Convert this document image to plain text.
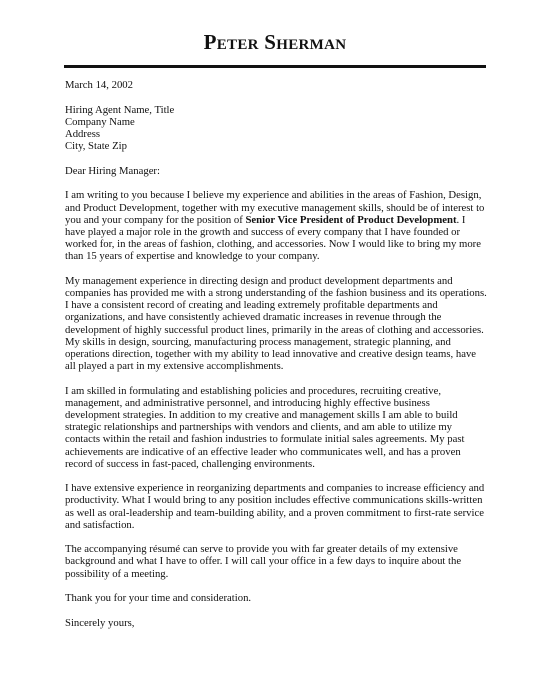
Peter Sherman

March 14, 2002

Hiring Agent Name, Title

Company Name

Address

City, State Zip

Dear Hiring Manager:

I am writing to you because I believe my experience and abilities in the areas of Fashion, Design, and Product Development, together with my executive management skills, should be of interest to you and your company for the position of Senior Vice President of Product Development. I have played a major role in the growth and success of every company that I have founded or worked for, in the areas of fashion, clothing, and accessories. Now I would like to bring my more than 15 years of expertise and knowledge to your company.

My management experience in directing design and product development departments and companies has provided me with a strong understanding of the fashion business and its operations. I have a consistent record of creating and leading extremely profitable departments and organizations, and have consistently achieved dramatic increases in revenue through the development of highly successful product lines, primarily in the areas of clothing and accessories. My skills in design, sourcing, manufacturing process management, strategic planning, and operations direction, together with my ability to lead innovative and creative design teams, have all played a part in my extensive accomplishments.

I am skilled in formulating and establishing policies and procedures, recruiting creative, management, and administrative personnel, and introducing highly effective business development strategies. In addition to my creative and management skills I am able to build strategic relationships and partnerships with vendors and clients, and am able to utilize my contacts within the retail and fashion industries to formulate initial sales agreements. My past achievements are indicative of an effective leader who communicates well, and has a proven record of success in fast-paced, challenging environments.

I have extensive experience in reorganizing departments and companies to increase efficiency and productivity. What I would bring to any position includes effective communications skills-written as well as oral-leadership and team-building ability, and a proven commitment to first-rate service and satisfaction.

The accompanying résumé can serve to provide you with far greater details of my extensive background and what I have to offer. I will call your office in a few days to inquire about the possibility of a meeting.

Thank you for your time and consideration.

Sincerely yours,
